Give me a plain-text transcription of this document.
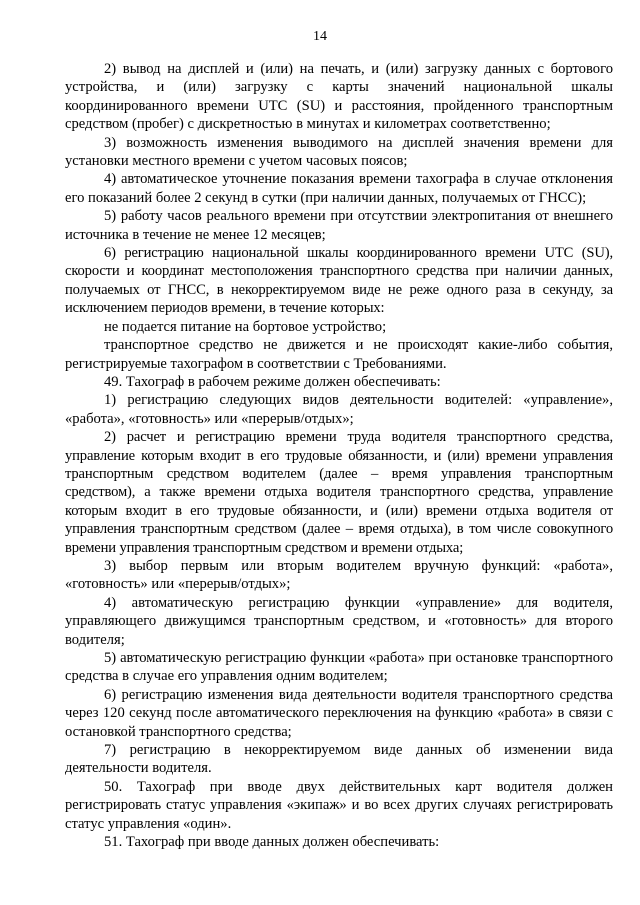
14

2) вывод на дисплей и (или) на печать, и (или) загрузку данных с бортового устройства, и (или) загрузку с карты значений национальной шкалы координированного времени UTC (SU) и расстояния, пройденного транспортным средством (пробег) с дискретностью в минутах и километрах соответственно;

3) возможность изменения выводимого на дисплей значения времени для установки местного времени с учетом часовых поясов;

4) автоматическое уточнение показания времени тахографа в случае отклонения его показаний более 2 секунд в сутки (при наличии данных, получаемых от ГНСС);

5) работу часов реального времени при отсутствии электропитания от внешнего источника в течение не менее 12 месяцев;

6) регистрацию национальной шкалы координированного времени UTC (SU), скорости и координат местоположения транспортного средства при наличии данных, получаемых от ГНСС, в некорректируемом виде не реже одного раза в секунду, за исключением периодов времени, в течение которых:

не подается питание на бортовое устройство;

транспортное средство не движется и не происходят какие-либо события, регистрируемые тахографом в соответствии с Требованиями.

49. Тахограф в рабочем режиме должен обеспечивать:

1) регистрацию следующих видов деятельности водителей: «управление», «работа», «готовность» или «перерыв/отдых»;

2) расчет и регистрацию времени труда водителя транспортного средства, управление которым входит в его трудовые обязанности, и (или) времени управления транспортным средством водителем (далее – время управления транспортным средством), а также времени отдыха водителя транспортного средства, управление которым входит в его трудовые обязанности, и (или) времени отдыха водителя от управления транспортным средством (далее – время отдыха), в том числе совокупного времени управления транспортным средством и времени отдыха;

3) выбор первым или вторым водителем вручную функций: «работа», «готовность» или «перерыв/отдых»;

4) автоматическую регистрацию функции «управление» для водителя, управляющего движущимся транспортным средством, и «готовность» для второго водителя;

5) автоматическую регистрацию функции «работа» при остановке транспортного средства в случае его управления одним водителем;

6) регистрацию изменения вида деятельности водителя транспортного средства через 120 секунд после автоматического переключения на функцию «работа» в связи с остановкой транспортного средства;

7) регистрацию в некорректируемом виде данных об изменении вида деятельности водителя.

50. Тахограф при вводе двух действительных карт водителя должен регистрировать статус управления «экипаж» и во всех других случаях регистрировать статус управления «один».

51. Тахограф при вводе данных должен обеспечивать:
